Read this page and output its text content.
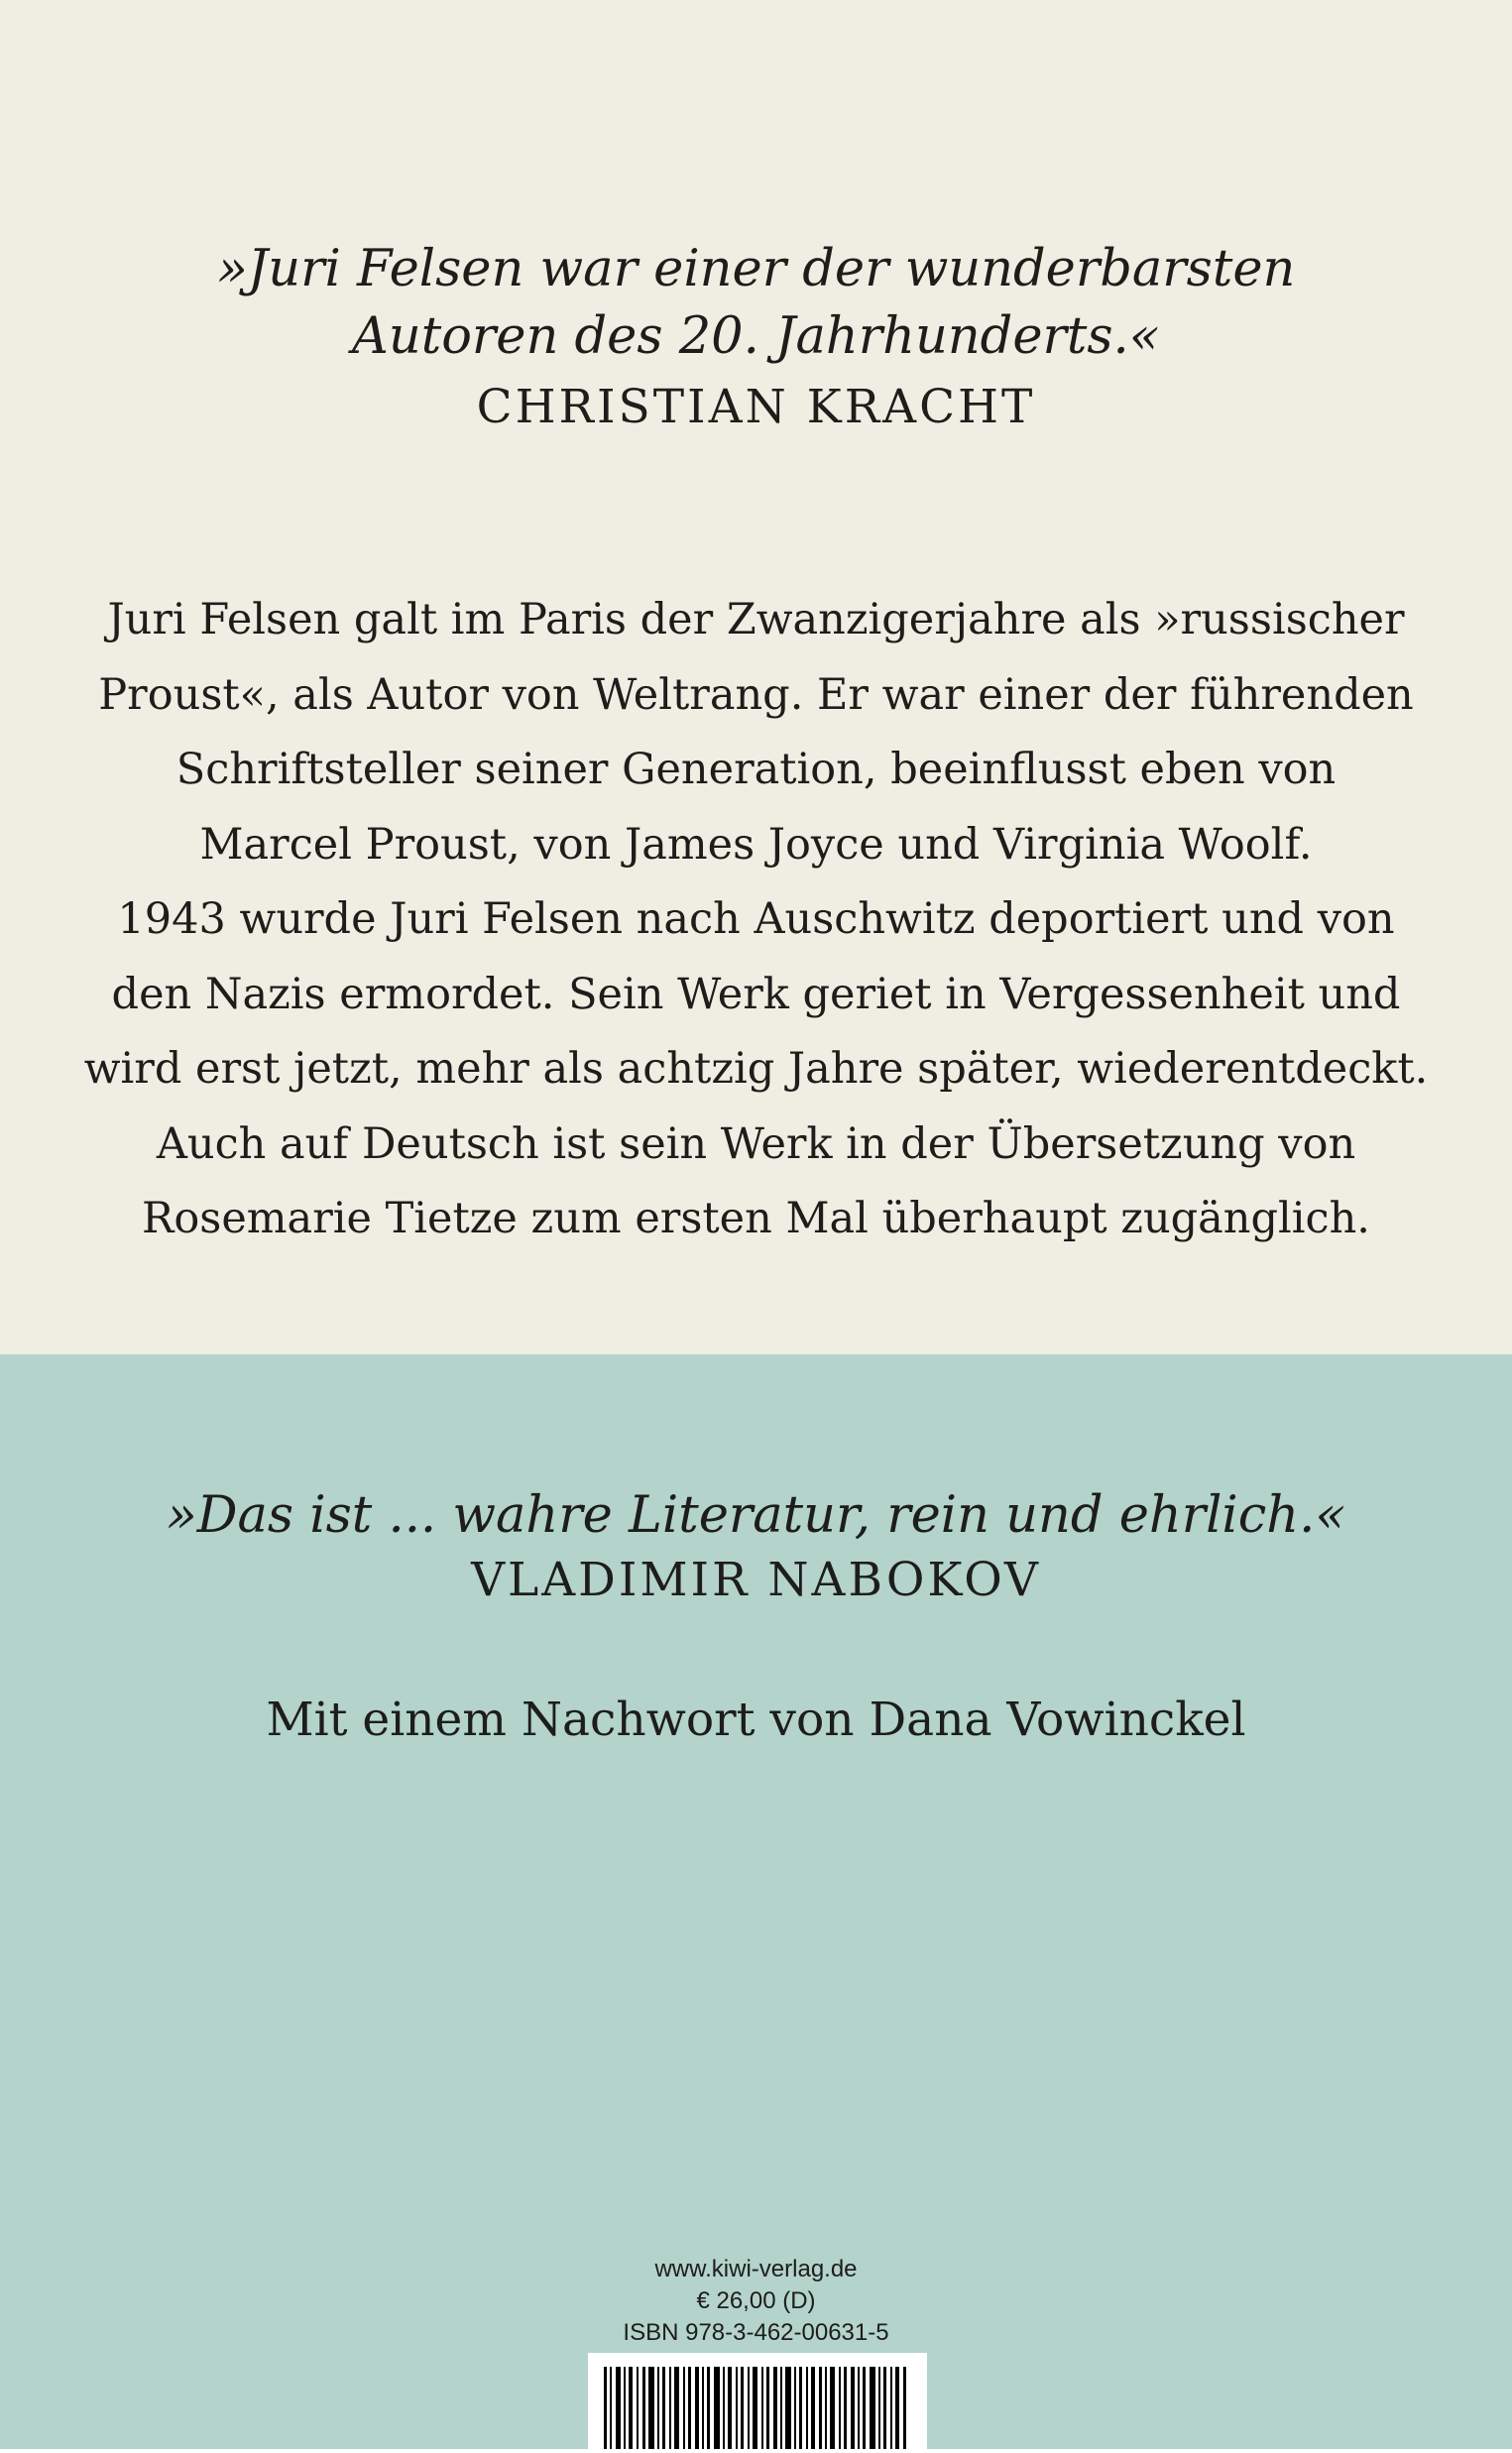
»Juri Felsen war einer der wunderbarsten
Autoren des 20. Jahrhunderts.«
CHRISTIAN KRACHT
Juri Felsen galt im Paris der Zwanzigerjahre als »russischer
Proust«, als Autor von Weltrang. Er war einer der führenden
Schriftsteller seiner Generation, beeinflusst eben von
Marcel Proust, von James Joyce und Virginia Woolf.
1943 wurde Juri Felsen nach Auschwitz deportiert und von
den Nazis ermordet. Sein Werk geriet in Vergessenheit und
wird erst jetzt, mehr als achtzig Jahre später, wiederentdeckt.
Auch auf Deutsch ist sein Werk in der Übersetzung von
Rosemarie Tietze zum ersten Mal überhaupt zugänglich.
»Das ist ... wahre Literatur, rein und ehrlich.«
VLADIMIR NABOKOV
Mit einem Nachwort von Dana Vowinckel
www.kiwi-verlag.de
€ 26,00 (D)
ISBN 978-3-462-00631-5
